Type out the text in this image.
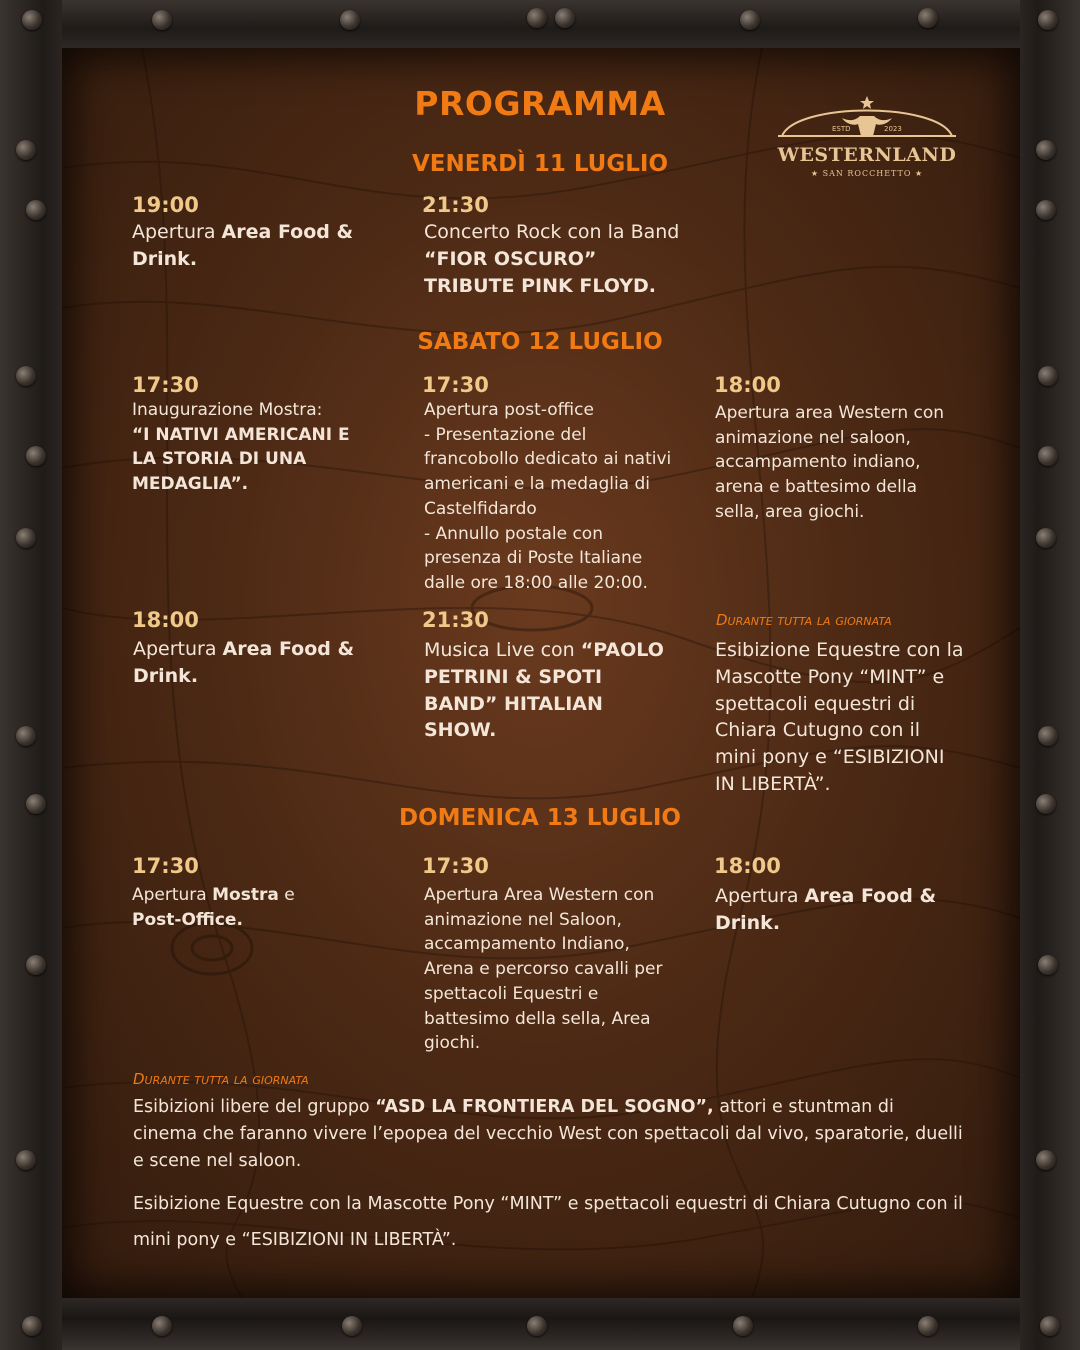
PROGRAMMA
ESTD	2023
WESTERNLAND
★ SAN ROCCHETTO ★
VENERDÌ 11 LUGLIO
19:00
Apertura Area Food & Drink.
21:30
Concerto Rock con la Band
“FIOR OSCURO”
TRIBUTE PINK FLOYD.
SABATO 12 LUGLIO
17:30
Inaugurazione Mostra:
“I NATIVI AMERICANI E LA STORIA DI UNA MEDAGLIA”.
17:30
Apertura post-office
- Presentazione del francobollo dedicato ai nativi americani e la medaglia di Castelfidardo
- Annullo postale con presenza di Poste Italiane dalle ore 18:00 alle 20:00.
18:00
Apertura area Western con animazione nel saloon, accampamento indiano, arena e battesimo della sella, area giochi.
18:00
Apertura Area Food & Drink.
21:30
Musica Live con “PAOLO PETRINI & SPOTI BAND” HITALIAN SHOW.
Durante tutta la giornata
Esibizione Equestre con la Mascotte Pony “MINT” e spettacoli equestri di Chiara Cutugno con il mini pony e “ESIBIZIONI IN LIBERTÀ”.
DOMENICA 13 LUGLIO
17:30
Apertura Mostra e
Post-Office.
17:30
Apertura Area Western con animazione nel Saloon, accampamento Indiano, Arena e percorso cavalli per spettacoli Equestri e battesimo della sella, Area giochi.
18:00
Apertura Area Food & Drink.
Durante tutta la giornata
Esibizioni libere del gruppo “ASD LA FRONTIERA DEL SOGNO”, attori e stuntman di cinema che faranno vivere l’epopea del vecchio West con spettacoli dal vivo, sparatorie, duelli e scene nel saloon.
Esibizione Equestre con la Mascotte Pony “MINT” e spettacoli equestri di Chiara Cutugno con il mini pony e “ESIBIZIONI IN LIBERTÀ”.
